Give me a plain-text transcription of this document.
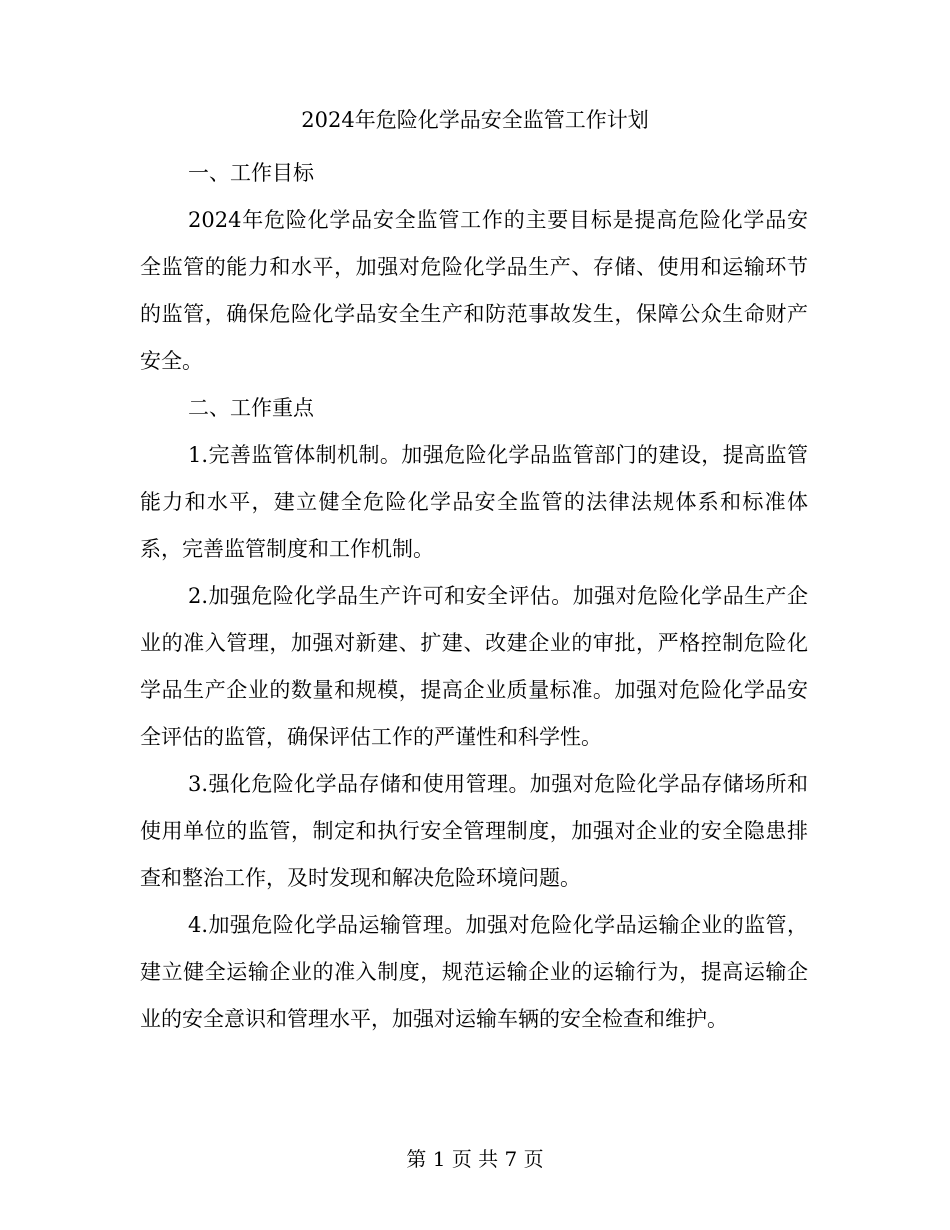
2024年危险化学品安全监管工作计划

一、工作目标

2024年危险化学品安全监管工作的主要目标是提高危险化学品安全监管的能力和水平，加强对危险化学品生产、存储、使用和运输环节的监管，确保危险化学品安全生产和防范事故发生，保障公众生命财产安全。

二、工作重点

1.完善监管体制机制。加强危险化学品监管部门的建设，提高监管能力和水平，建立健全危险化学品安全监管的法律法规体系和标准体系，完善监管制度和工作机制。

2.加强危险化学品生产许可和安全评估。加强对危险化学品生产企业的准入管理，加强对新建、扩建、改建企业的审批，严格控制危险化学品生产企业的数量和规模，提高企业质量标准。加强对危险化学品安全评估的监管，确保评估工作的严谨性和科学性。

3.强化危险化学品存储和使用管理。加强对危险化学品存储场所和使用单位的监管，制定和执行安全管理制度，加强对企业的安全隐患排查和整治工作，及时发现和解决危险环境问题。

4.加强危险化学品运输管理。加强对危险化学品运输企业的监管，建立健全运输企业的准入制度，规范运输企业的运输行为，提高运输企业的安全意识和管理水平，加强对运输车辆的安全检查和维护。

第 1 页 共 7 页
